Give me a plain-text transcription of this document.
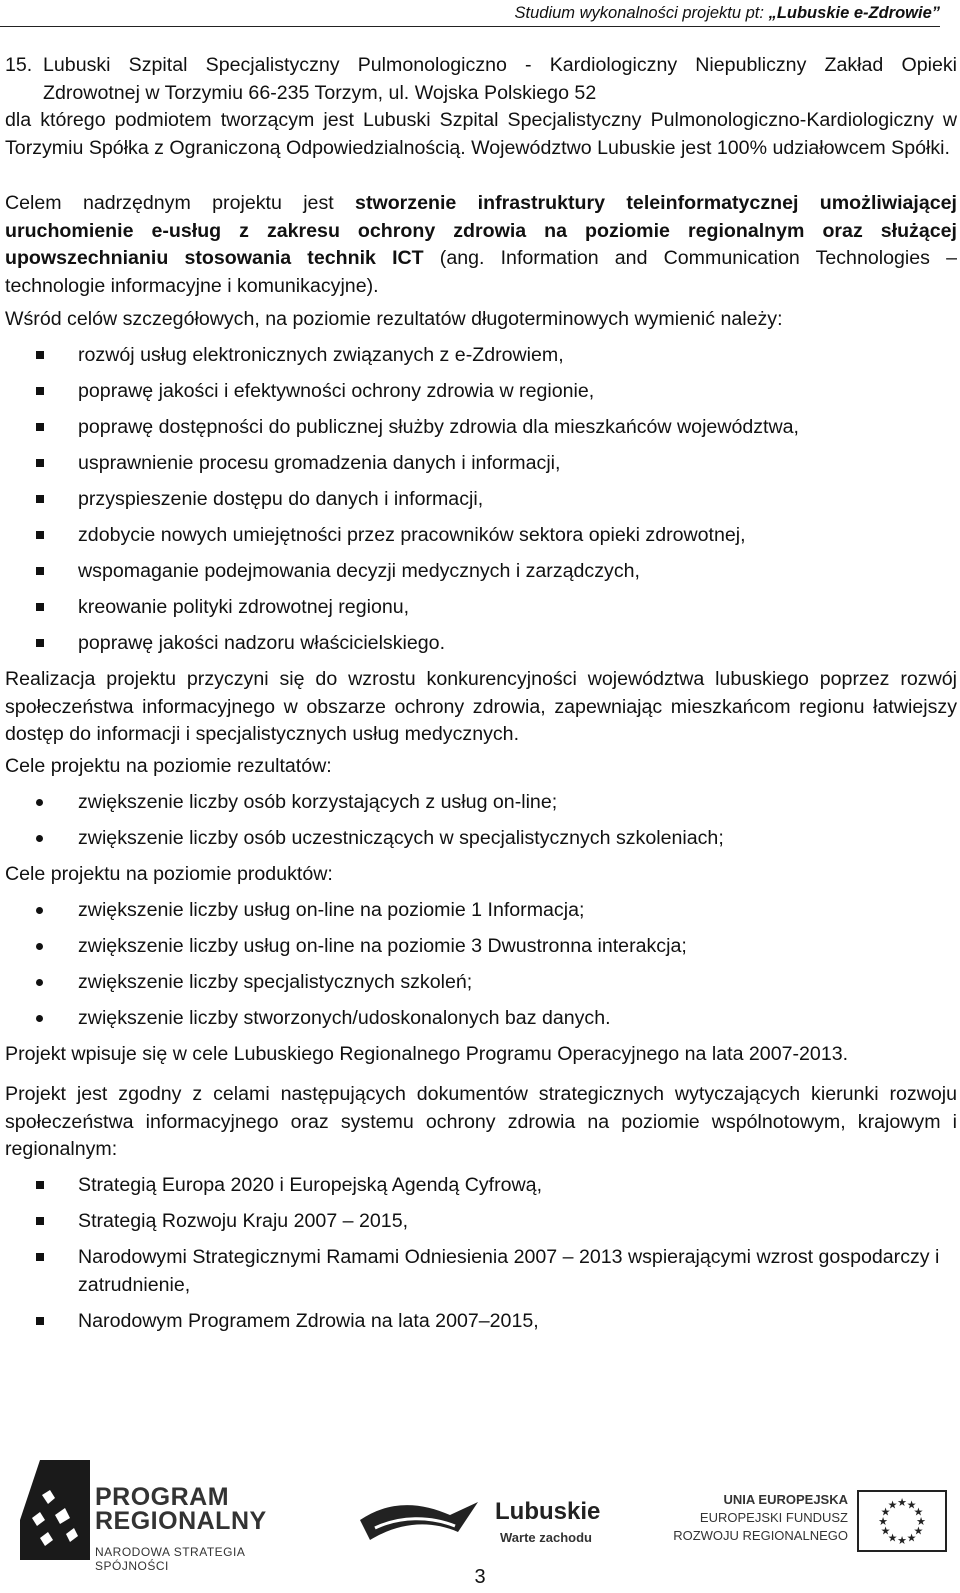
Studium wykonalności projektu pt: „Lubuskie e-Zdrowie”

15. Lubuski Szpital Specjalistyczny Pulmonologiczno - Kardiologiczny Niepubliczny Zakład Opieki Zdrowotnej w Torzymiu 66-235 Torzym, ul. Wojska Polskiego 52

dla którego podmiotem tworzącym jest Lubuski Szpital Specjalistyczny Pulmonologiczno-Kardiologiczny w Torzymiu Spółka z Ograniczoną Odpowiedzialnością. Województwo Lubuskie jest 100% udziałowcem Spółki.

Celem nadrzędnym projektu jest stworzenie infrastruktury teleinformatycznej umożliwiającej uruchomienie e-usług z zakresu ochrony zdrowia na poziomie regionalnym oraz służącej upowszechnianiu stosowania technik ICT (ang. Information and Communication Technologies – technologie informacyjne i komunikacyjne).

Wśród celów szczegółowych, na poziomie rezultatów długoterminowych wymienić należy:

rozwój usług elektronicznych związanych z e-Zdrowiem,
poprawę jakości i efektywności ochrony zdrowia w regionie,
poprawę dostępności do publicznej służby zdrowia dla mieszkańców województwa,
usprawnienie procesu gromadzenia danych i informacji,
przyspieszenie dostępu do danych i informacji,
zdobycie nowych umiejętności przez pracowników sektora opieki zdrowotnej,
wspomaganie podejmowania decyzji medycznych i zarządczych,
kreowanie polityki zdrowotnej regionu,
poprawę jakości nadzoru właścicielskiego.

Realizacja projektu przyczyni się do wzrostu konkurencyjności województwa lubuskiego poprzez rozwój społeczeństwa informacyjnego w obszarze ochrony zdrowia, zapewniając mieszkańcom regionu łatwiejszy dostęp do informacji i specjalistycznych usług medycznych.

Cele projektu na poziomie rezultatów:

zwiększenie liczby osób korzystających z usług on-line;
zwiększenie liczby osób uczestniczących w specjalistycznych szkoleniach;

Cele projektu na poziomie produktów:

zwiększenie liczby usług on-line na poziomie 1 Informacja;
zwiększenie liczby usług on-line na poziomie 3 Dwustronna interakcja;
zwiększenie liczby specjalistycznych szkoleń;
zwiększenie liczby stworzonych/udoskonalonych baz danych.

Projekt wpisuje się w cele Lubuskiego Regionalnego Programu Operacyjnego na lata 2007-2013.

Projekt jest zgodny z celami następujących dokumentów strategicznych wytyczających kierunki rozwoju społeczeństwa informacyjnego oraz systemu ochrony zdrowia na poziomie wspólnotowym, krajowym i regionalnym:

Strategią Europa 2020 i Europejską Agendą Cyfrową,
Strategią Rozwoju Kraju 2007 – 2015,
Narodowymi Strategicznymi Ramami Odniesienia 2007 – 2013 wspierającymi wzrost gospodarczy i zatrudnienie,
Narodowym Programem Zdrowia na lata 2007–2015,
PROGRAM
REGIONALNY
NARODOWA STRATEGIA SPÓJNOŚCI
Lubuskie
Warte zachodu
UNIA EUROPEJSKA
EUROPEJSKI FUNDUSZ
ROZWOJU REGIONALNEGO
★
★
★
★
★
★
★
★
★ ★ ★
★
3
